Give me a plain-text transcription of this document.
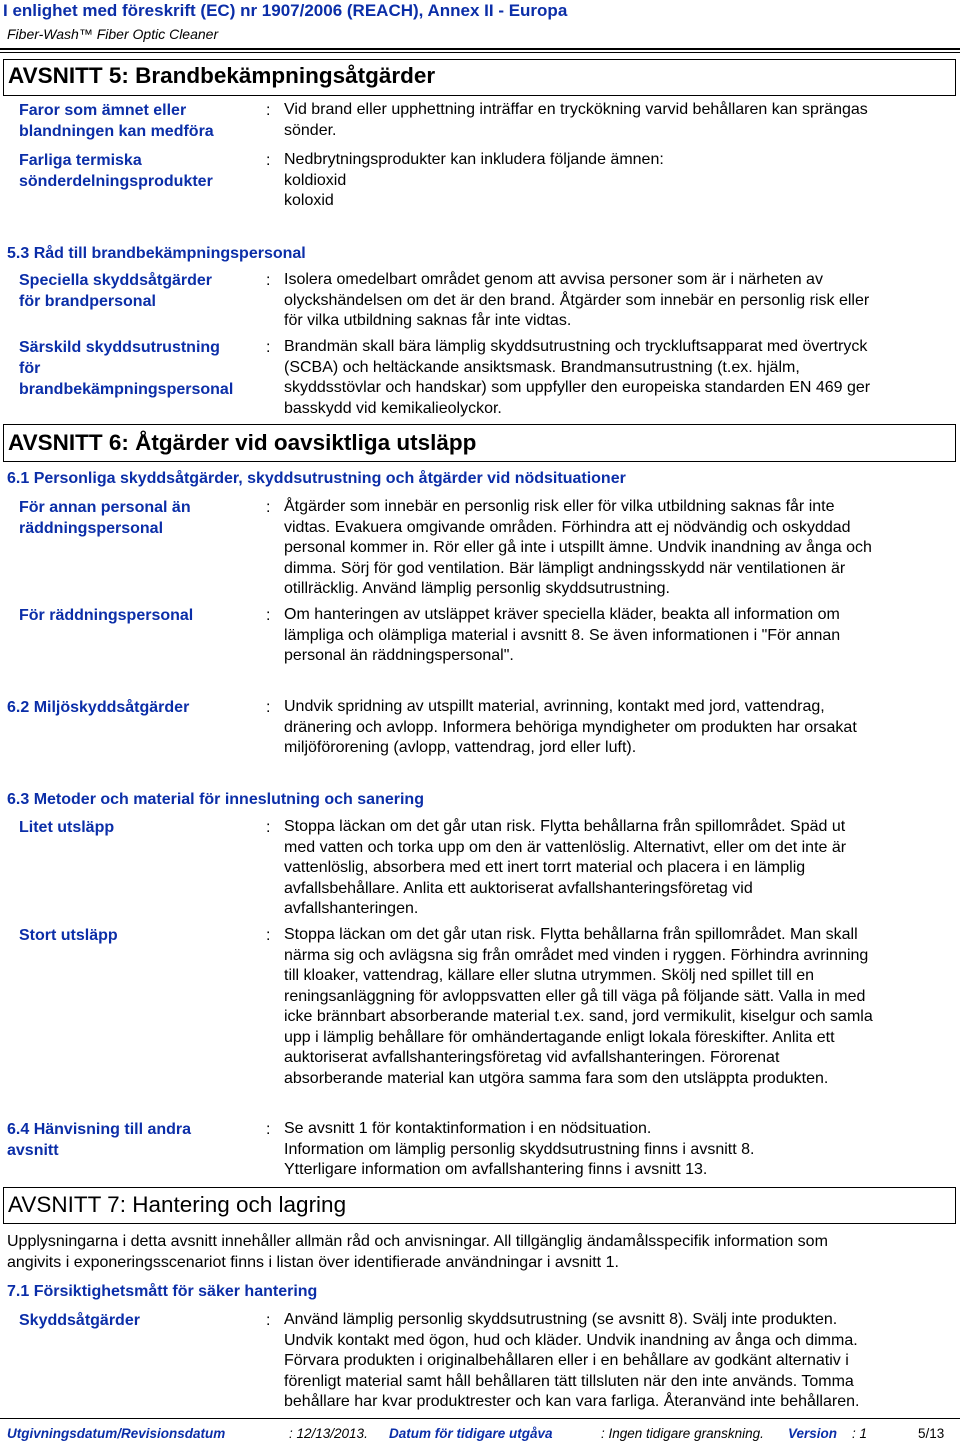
I enlighet med föreskrift (EC) nr 1907/2006 (REACH), Annex II - Europa
Fiber-Wash™ Fiber Optic Cleaner
AVSNITT 5: Brandbekämpningsåtgärder
Faror som ämnet eller
blandningen kan medföra
: Vid brand eller upphettning inträffar en tryckökning varvid behållaren kan sprängas
sönder.
Farliga termiska
sönderdelningsprodukter
: Nedbrytningsprodukter kan inkludera följande ämnen:
koldioxid
koloxid
5.3 Råd till brandbekämpningspersonal
Speciella skyddsåtgärder
för brandpersonal
: Isolera omedelbart området genom att avvisa personer som är i närheten av
olyckshändelsen om det är den brand. Åtgärder som innebär en personlig risk eller
för vilka utbildning saknas får inte vidtas.
Särskild skyddsutrustning
för
brandbekämpningspersonal
: Brandmän skall bära lämplig skyddsutrustning och tryckluftsapparat med övertryck
(SCBA) och heltäckande ansiktsmask. Brandmansutrustning (t.ex. hjälm,
skyddsstövlar och handskar) som uppfyller den europeiska standarden EN 469 ger
basskydd vid kemikalieolyckor.
AVSNITT 6: Åtgärder vid oavsiktliga utsläpp
6.1 Personliga skyddsåtgärder, skyddsutrustning och åtgärder vid nödsituationer
För annan personal än
räddningspersonal
: Åtgärder som innebär en personlig risk eller för vilka utbildning saknas får inte
vidtas. Evakuera omgivande områden. Förhindra att ej nödvändig och oskyddad
personal kommer in. Rör eller gå inte i utspillt ämne. Undvik inandning av ånga och
dimma. Sörj för god ventilation. Bär lämpligt andningsskydd när ventilationen är
otillräcklig. Använd lämplig personlig skyddsutrustning.
För räddningspersonal	: Om hanteringen av utsläppet kräver speciella kläder, beakta all information om
lämpliga och olämpliga material i avsnitt 8. Se även informationen i "För annan
personal än räddningspersonal".
6.2 Miljöskyddsåtgärder	: Undvik spridning av utspillt material, avrinning, kontakt med jord, vattendrag,
dränering och avlopp. Informera behöriga myndigheter om produkten har orsakat
miljöförorening (avlopp, vattendrag, jord eller luft).
6.3 Metoder och material för inneslutning och sanering
Litet utsläpp	: Stoppa läckan om det går utan risk. Flytta behållarna från spillområdet. Späd ut
med vatten och torka upp om den är vattenlöslig. Alternativt, eller om det inte är
vattenlöslig, absorbera med ett inert torrt material och placera i en lämplig
avfallsbehållare. Anlita ett auktoriserat avfallshanteringsföretag vid
avfallshanteringen.
Stort utsläpp	: Stoppa läckan om det går utan risk. Flytta behållarna från spillområdet. Man skall
närma sig och avlägsna sig från området med vinden i ryggen. Förhindra avrinning
till kloaker, vattendrag, källare eller slutna utrymmen. Skölj ned spillet till en
reningsanläggning för avloppsvatten eller gå till väga på följande sätt. Valla in med
icke brännbart absorberande material t.ex. sand, jord vermikulit, kiselgur och samla
upp i lämplig behållare för omhändertagande enligt lokala föreskifter. Anlita ett
auktoriserat avfallshanteringsföretag vid avfallshanteringen. Förorenat
absorberande material kan utgöra samma fara som den utsläppta produkten.
6.4 Hänvisning till andra
avsnitt
: Se avsnitt 1 för kontaktinformation i en nödsituation.
Information om lämplig personlig skyddsutrustning finns i avsnitt 8.
Ytterligare information om avfallshantering finns i avsnitt 13.
AVSNITT 7: Hantering och lagring
Upplysningarna i detta avsnitt innehåller allmän råd och anvisningar. All tillgänglig ändamålsspecifik information som
angivits i exponeringsscenariot finns i listan över identifierade användningar i avsnitt 1.
7.1 Försiktighetsmått för säker hantering
Skyddsåtgärder	: Använd lämplig personlig skyddsutrustning (se avsnitt 8). Svälj inte produkten.
Undvik kontakt med ögon, hud och kläder. Undvik inandning av ånga och dimma.
Förvara produkten i originalbehållaren eller i en behållare av godkänt alternativ i
förenligt material samt håll behållaren tätt tillsluten när den inte används. Tomma
behållare har kvar produktrester och kan vara farliga. Återanvänd inte behållaren.
Utgivningsdatum/Revisionsdatum	: 12/13/2013. Datum för tidigare utgåva	: Ingen tidigare granskning. Version : 1	5/13
